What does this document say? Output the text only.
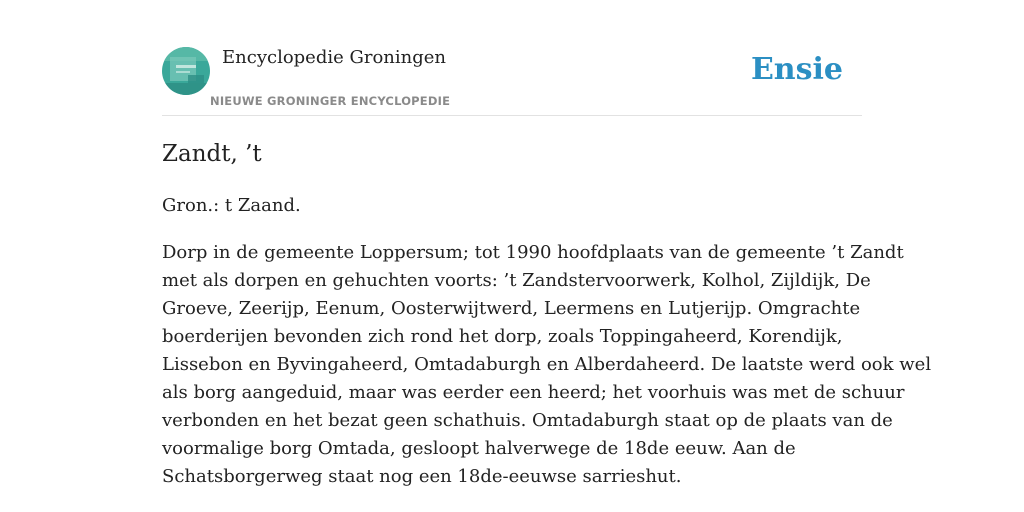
Encyclopedie Groningen
NIEUWE GRONINGER ENCYCLOPEDIE
Ensie
Zandt, ’t

Gron.: t Zaand.

Dorp in de gemeente Loppersum; tot 1990 hoofdplaats van de gemeente ’t Zandt
met als dorpen en gehuchten voorts: ’t Zandstervoorwerk, Kolhol, Zijldijk, De
Groeve, Zeerijp, Eenum, Oosterwijtwerd, Leermens en Lutjerijp. Omgrachte
boerderijen bevonden zich rond het dorp, zoals Toppingaheerd, Korendijk,
Lissebon en Byvingaheerd, Omtadaburgh en Alberdaheerd. De laatste werd ook wel
als borg aangeduid, maar was eerder een heerd; het voorhuis was met de schuur
verbonden en het bezat geen schathuis. Omtadaburgh staat op de plaats van de
voormalige borg Omtada, gesloopt halverwege de 18de eeuw. Aan de
Schatsborgerweg staat nog een 18de-eeuwse sarrieshut.
